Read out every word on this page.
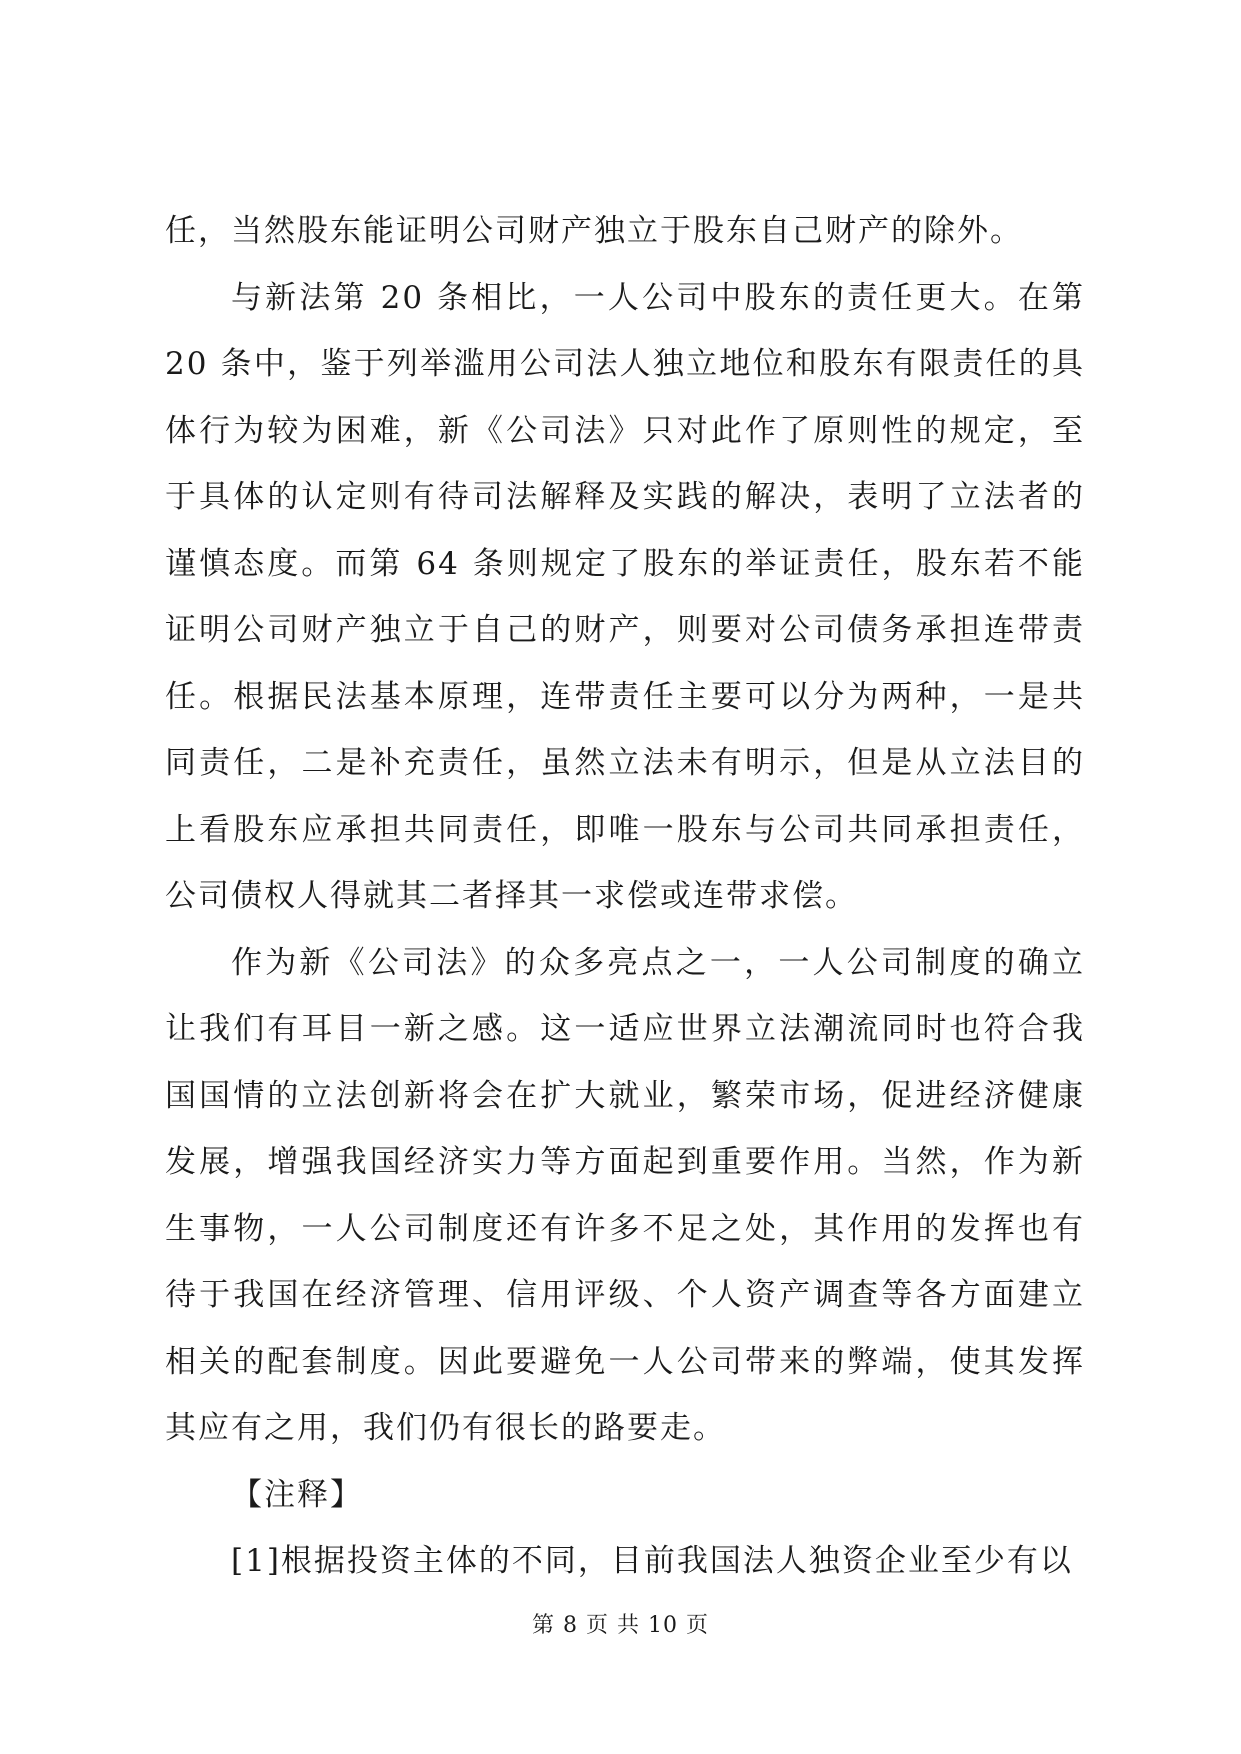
任，当然股东能证明公司财产独立于股东自己财产的除外。

与新法第 20 条相比，一人公司中股东的责任更大。在第 20 条中，鉴于列举滥用公司法人独立地位和股东有限责任的具体行为较为困难，新《公司法》只对此作了原则性的规定，至于具体的认定则有待司法解释及实践的解决，表明了立法者的谨慎态度。而第 64 条则规定了股东的举证责任，股东若不能证明公司财产独立于自己的财产，则要对公司债务承担连带责任。根据民法基本原理，连带责任主要可以分为两种，一是共同责任，二是补充责任，虽然立法未有明示，但是从立法目的上看股东应承担共同责任，即唯一股东与公司共同承担责任，公司债权人得就其二者择其一求偿或连带求偿。

作为新《公司法》的众多亮点之一，一人公司制度的确立让我们有耳目一新之感。这一适应世界立法潮流同时也符合我国国情的立法创新将会在扩大就业，繁荣市场，促进经济健康发展，增强我国经济实力等方面起到重要作用。当然，作为新生事物，一人公司制度还有许多不足之处，其作用的发挥也有待于我国在经济管理、信用评级、个人资产调查等各方面建立相关的配套制度。因此要避免一人公司带来的弊端，使其发挥其应有之用，我们仍有很长的路要走。

【注释】

[1]根据投资主体的不同，目前我国法人独资企业至少有以

第 8 页 共 10 页
